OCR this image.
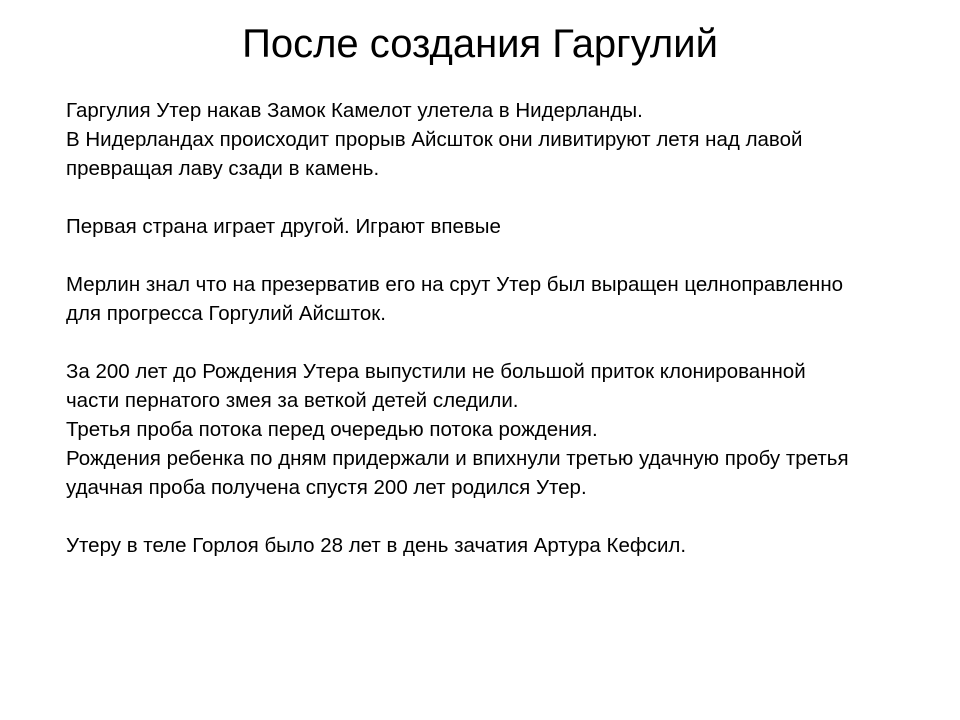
После создания Гаргулий

Гаргулия Утер накав Замок Камелот улетела в Нидерланды.
В Нидерландах происходит прорыв Айсшток они ливитируют летя над лавой
превращая лаву сзади в камень.

Первая страна играет другой. Играют впевые

Мерлин знал что на презерватив его на срут Утер был выращен целноправленно
для прогресса Горгулий Айсшток.

За 200 лет до Рождения Утера выпустили не большой приток клонированной
части пернатого змея за веткой детей следили.
Третья проба потока перед очередью потока рождения.
Рождения ребенка по дням придержали и впихнули третью удачную пробу третья
удачная проба получена спустя 200 лет родился Утер.

Утеру в теле Горлоя было 28 лет в день зачатия Артура Кефсил.
